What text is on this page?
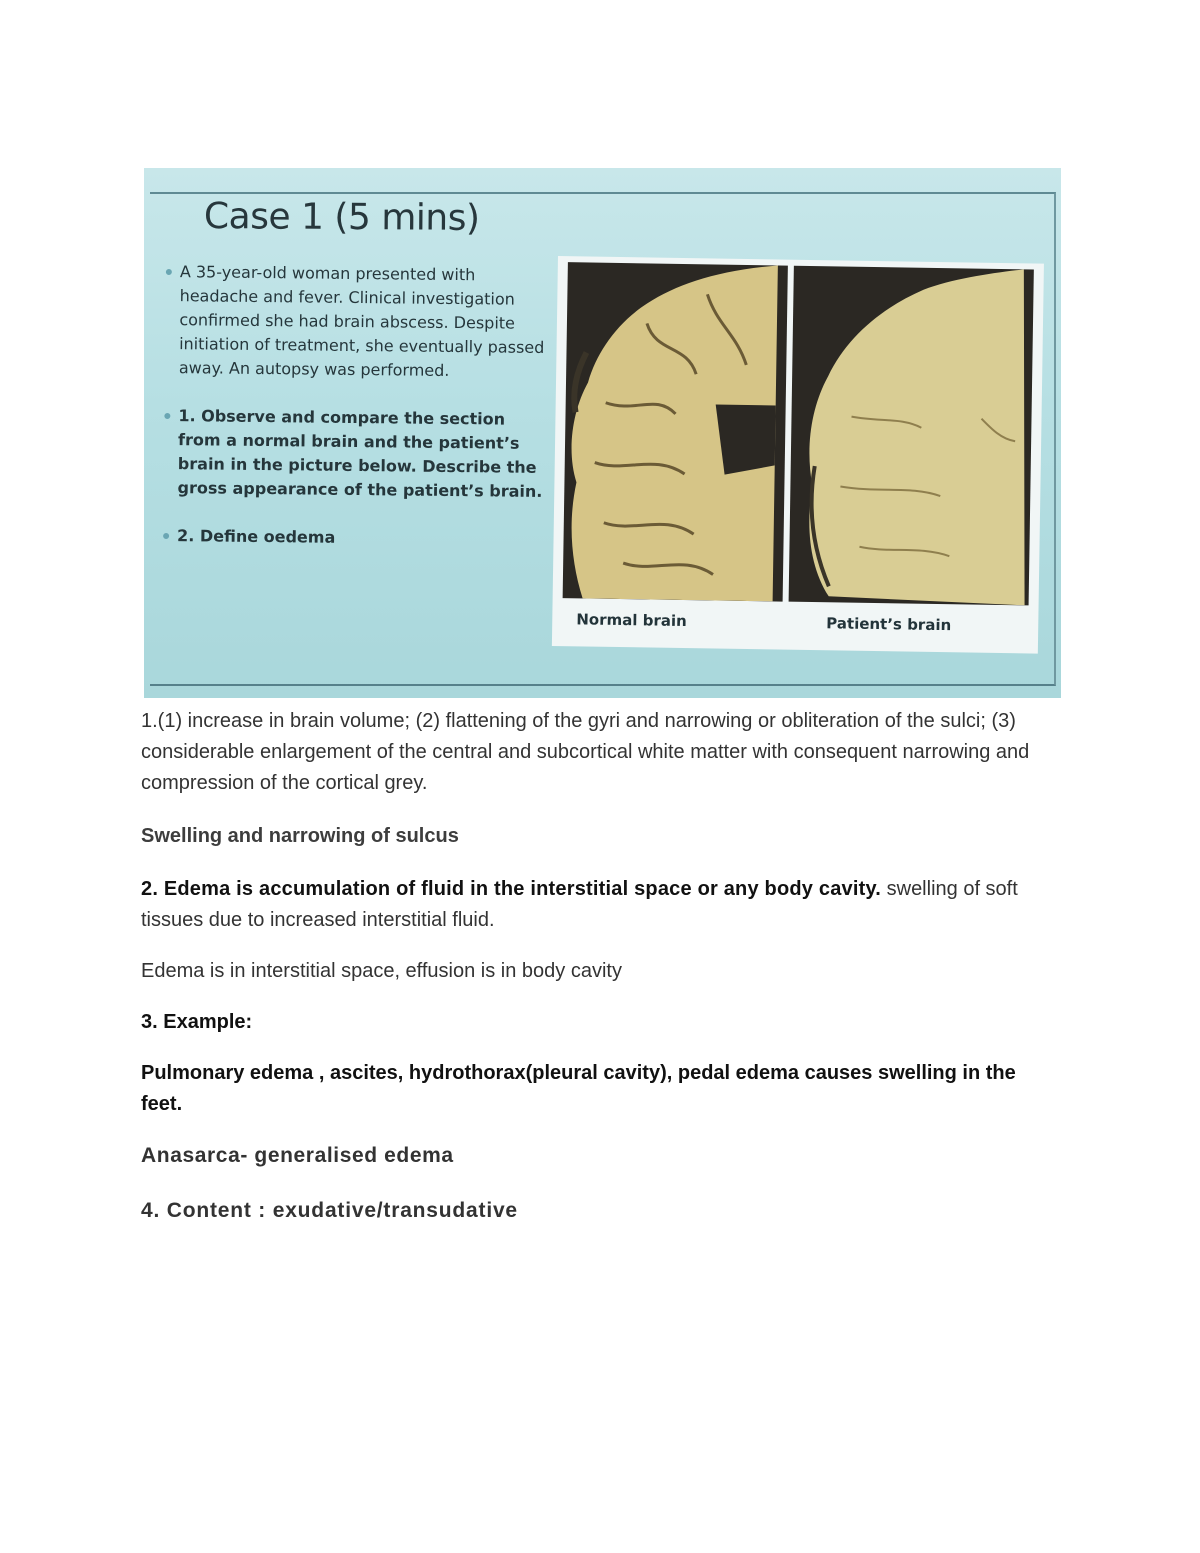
Case 1 (5 mins)
A 35-year-old woman presented with headache and fever. Clinical investigation confirmed she had brain abscess. Despite initiation of treatment, she eventually passed away. An autopsy was performed.
1. Observe and compare the section from a normal brain and the patient’s brain in the picture below. Describe the gross appearance of the patient’s brain.
2. Define oedema
Normal brain	Patient’s brain

1.(1) increase in brain volume; (2) flattening of the gyri and narrowing or obliteration of the sulci; (3) considerable enlargement of the central and subcortical white matter with consequent narrowing and compression of the cortical grey.

Swelling and narrowing of sulcus

2. Edema is accumulation of fluid in the interstitial space or any body cavity. swelling of soft tissues due to increased interstitial fluid.

Edema is in interstitial space, effusion is in body cavity

3. Example:

Pulmonary edema , ascites, hydrothorax(pleural cavity), pedal edema causes swelling in the feet.

Anasarca- generalised edema

4. Content : exudative/transudative
